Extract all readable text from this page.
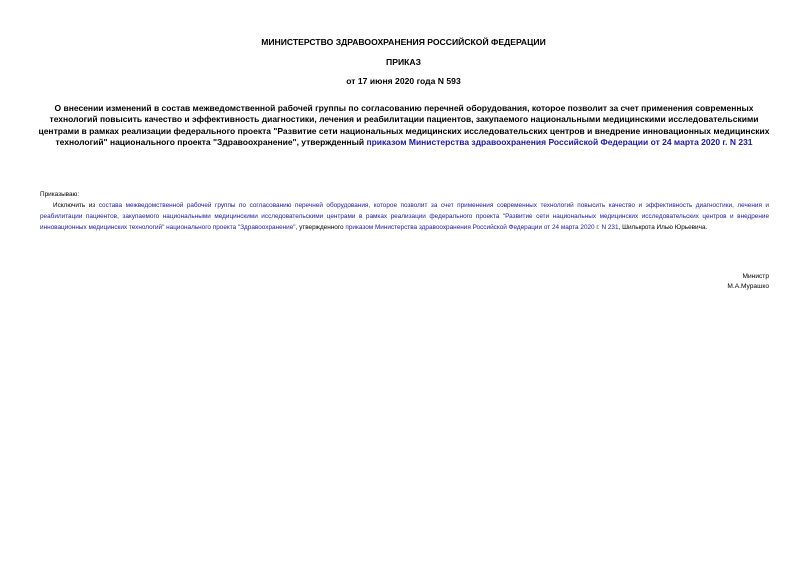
МИНИСТЕРСТВО ЗДРАВООХРАНЕНИЯ РОССИЙСКОЙ ФЕДЕРАЦИИ
ПРИКАЗ
от 17 июня 2020 года N 593
О внесении изменений в состав межведомственной рабочей группы по согласованию перечней оборудования, которое позволит за счет применения современных технологий повысить качество и эффективность диагностики, лечения и реабилитации пациентов, закупаемого национальными медицинскими исследовательскими центрами в рамках реализации федерального проекта "Развитие сети национальных медицинских исследовательских центров и внедрение инновационных медицинских технологий" национального проекта "Здравоохранение", утвержденный приказом Министерства здравоохранения Российской Федерации от 24 марта 2020 г. N 231
Приказываю:
Исключить из состава межведомственной рабочей группы по согласованию перечней оборудования, которое позволит за счет применения современных технологий повысить качество и эффективность диагностики, лечения и реабилитации пациентов, закупаемого национальными медицинскими исследовательскими центрами в рамках реализации федерального проекта "Развитие сети национальных медицинских исследовательских центров и внедрение инновационных медицинских технологий" национального проекта "Здравоохранение", утвержденного приказом Министерства здравоохранения Российской Федерации от 24 марта 2020 г. N 231, Шилькрота Илью Юрьевича.
Министр
М.А.Мурашко
